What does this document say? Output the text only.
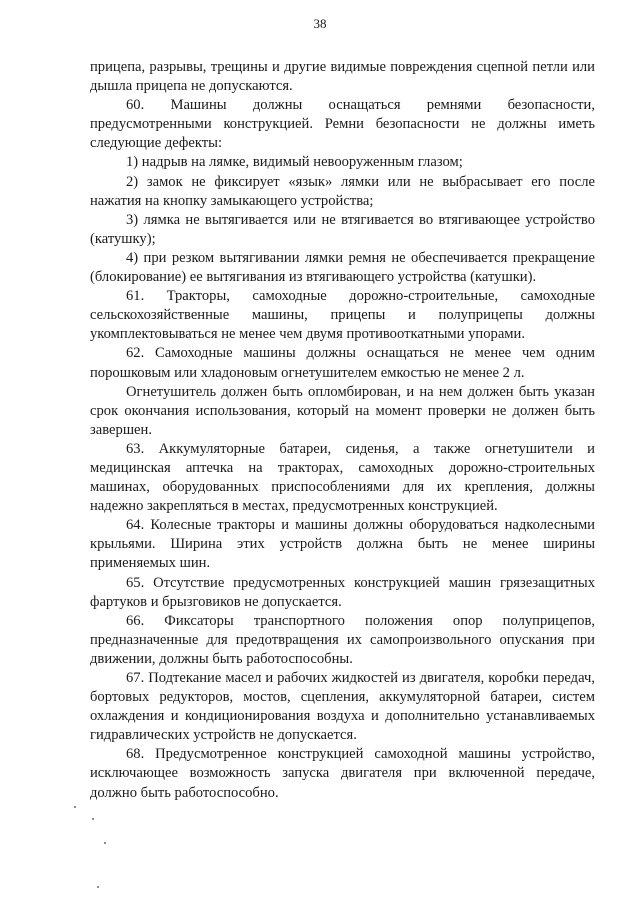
38

прицепа, разрывы, трещины и другие видимые повреждения сцепной петли или дышла прицепа не допускаются.

60. Машины должны оснащаться ремнями безопасности, предусмотренными конструкцией. Ремни безопасности не должны иметь следующие дефекты:

1) надрыв на лямке, видимый невооруженным глазом;

2) замок не фиксирует «язык» лямки или не выбрасывает его после нажатия на кнопку замыкающего устройства;

3) лямка не вытягивается или не втягивается во втягивающее устройство (катушку);

4) при резком вытягивании лямки ремня не обеспечивается прекращение (блокирование) ее вытягивания из втягивающего устройства (катушки).

61. Тракторы, самоходные дорожно-строительные, самоходные сельскохозяйственные машины, прицепы и полуприцепы должны укомплектовываться не менее чем двумя противооткатными упорами.

62. Самоходные машины должны оснащаться не менее чем одним порошковым или хладоновым огнетушителем емкостью не менее 2 л.

Огнетушитель должен быть опломбирован, и на нем должен быть указан срок окончания использования, который на момент проверки не должен быть завершен.

63. Аккумуляторные батареи, сиденья, а также огнетушители и медицинская аптечка на тракторах, самоходных дорожно-строительных машинах, оборудованных приспособлениями для их крепления, должны надежно закрепляться в местах, предусмотренных конструкцией.

64. Колесные тракторы и машины должны оборудоваться надколесными крыльями. Ширина этих устройств должна быть не менее ширины применяемых шин.

65. Отсутствие предусмотренных конструкцией машин грязезащитных фартуков и брызговиков не допускается.

66. Фиксаторы транспортного положения опор полуприцепов, предназначенные для предотвращения их самопроизвольного опускания при движении, должны быть работоспособны.

67. Подтекание масел и рабочих жидкостей из двигателя, коробки передач, бортовых редукторов, мостов, сцепления, аккумуляторной батареи, систем охлаждения и кондиционирования воздуха и дополнительно устанавливаемых гидравлических устройств не допускается.

68. Предусмотренное конструкцией самоходной машины устройство, исключающее возможность запуска двигателя при включенной передаче, должно быть работоспособно.
